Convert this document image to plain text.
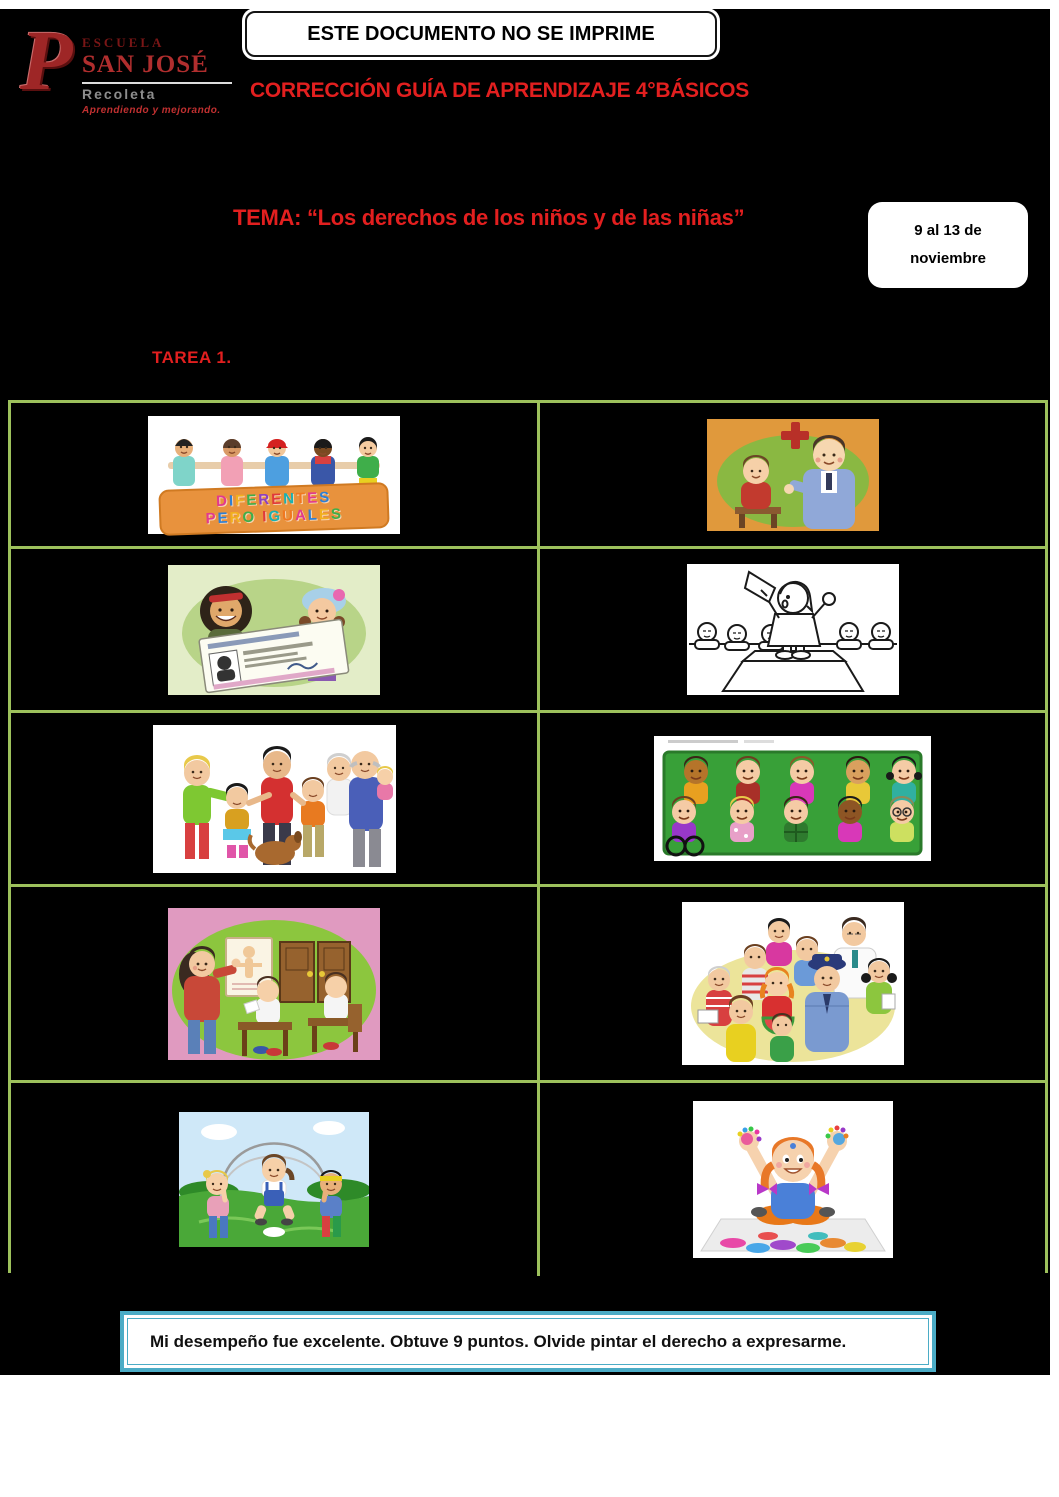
P ESCUELA
SAN JOSÉ
Recoleta
Aprendiendo y mejorando.
ESTE DOCUMENTO NO SE IMPRIME
CORRECCIÓN GUÍA DE APRENDIZAJE 4°BÁSICOS
TEMA: “Los derechos de los niños y de las niñas”	9 al 13 de
noviembre
TAREA 1.
DIFERENTES
PERO IGUALES
Mi desempeño fue excelente. Obtuve 9 puntos. Olvide pintar el derecho a expresarme.
